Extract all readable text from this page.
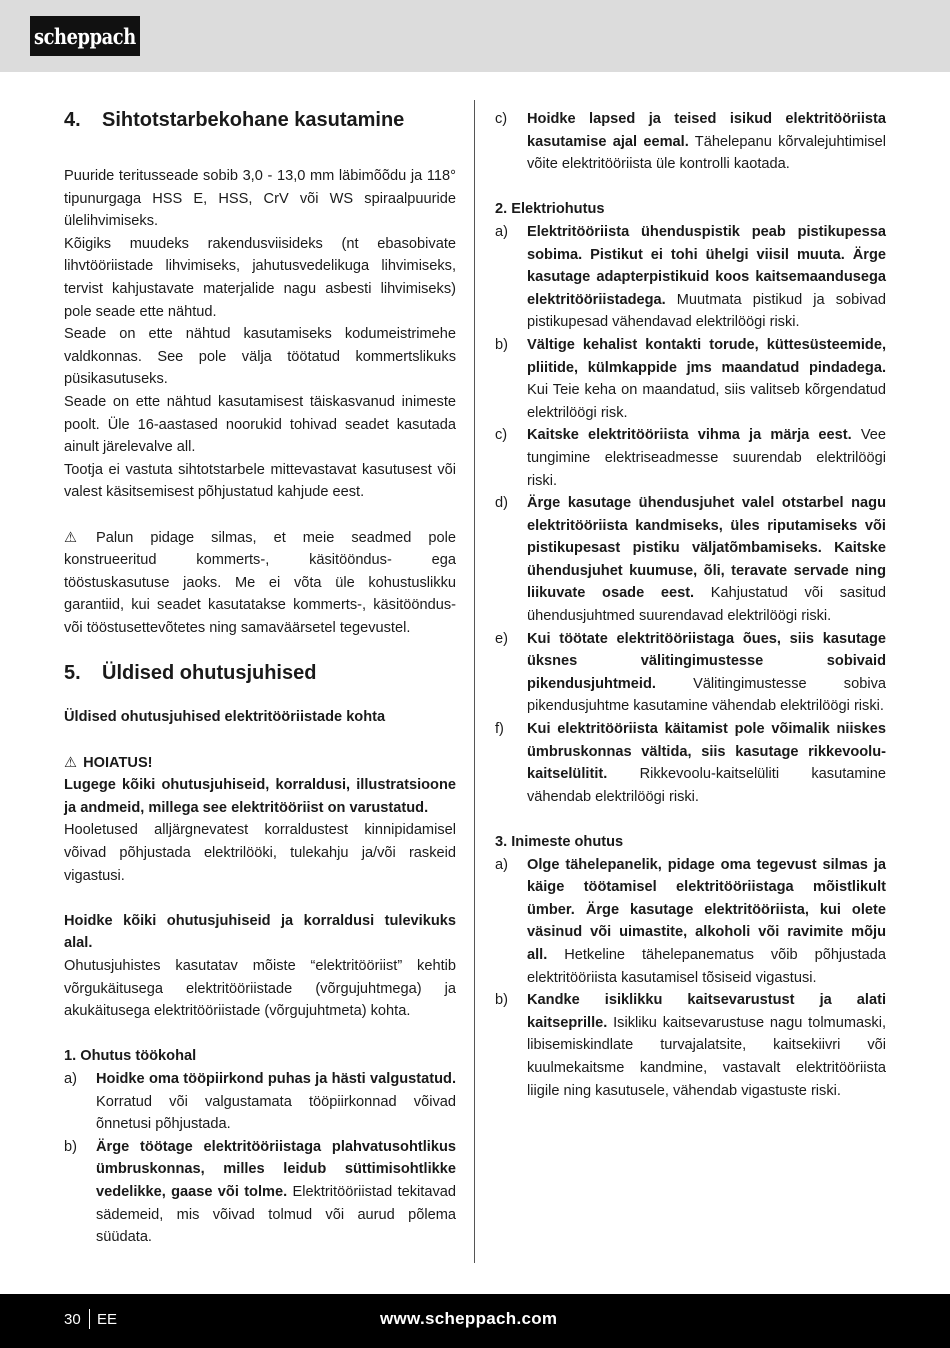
scheppach
4.	Sihtotstarbekohane kasutamine

Puuride teritusseade sobib 3,0 - 13,0 mm läbimõõdu ja 118° tipunurgaga HSS E, HSS, CrV või WS spiraalpuuride ülelihvimiseks.

Kõigiks muudeks rakendusviisideks (nt ebasobivate lihvtööriistade lihvimiseks, jahutusvedelikuga lihvimiseks, tervist kahjustavate materjalide nagu asbesti lihvimiseks) pole seade ette nähtud.

Seade on ette nähtud kasutamiseks kodumeistrimehe valdkonnas. See pole välja töötatud kommertslikuks püsikasutuseks.

Seade on ette nähtud kasutamisest täiskasvanud inimeste poolt. Üle 16-aastased noorukid tohivad seadet kasutada ainult järelevalve all.

Tootja ei vastuta sihtotstarbele mittevastavat kasutusest või valest käsitsemisest põhjustatud kahjude eest.

⚠ Palun pidage silmas, et meie seadmed pole konstrueeritud kommerts-, käsitööndus- ega tööstuskasutuse jaoks. Me ei võta üle kohustuslikku garantiid, kui seadet kasutatakse kommerts-, käsitööndus- või tööstusettevõtetes ning samaväärsetel tegevustel.

5.	Üldised ohutusjuhised

Üldised ohutusjuhised elektritööriistade kohta

⚠ HOIATUS!

Lugege kõiki ohutusjuhiseid, korraldusi, illustratsioone ja andmeid, millega see elektritööriist on varustatud.

Hooletused alljärgnevatest korraldustest kinnipidamisel võivad põhjustada elektrilööki, tulekahju ja/või raskeid vigastusi.

Hoidke kõiki ohutusjuhiseid ja korraldusi tulevikuks alal.

Ohutusjuhistes kasutatav mõiste “elektritööriist” kehtib võrgukäitusega elektritööriistade (võrgujuhtmega) ja akukäitusega elektritööriistade (võrgujuhtmeta) kohta.

1. Ohutus töökohal

a)	Hoidke oma tööpiirkond puhas ja hästi valgustatud. Korratud või valgustamata tööpiirkonnad võivad õnnetusi põhjustada.
b)	Ärge töötage elektritööriistaga plahvatusohtlikus ümbruskonnas, milles leidub süttimisohtlikke vedelikke, gaase või tolme. Elektritööriistad tekitavad sädemeid, mis võivad tolmud või aurud põlema süüdata.
c)	Hoidke lapsed ja teised isikud elektritööriista kasutamise ajal eemal. Tähelepanu kõrvalejuhtimisel võite elektritööriista üle kontrolli kaotada.

2. Elektriohutus

a)	Elektritööriista ühenduspistik peab pistikupessa sobima. Pistikut ei tohi ühelgi viisil muuta. Ärge kasutage adapterpistikuid koos kaitsemaandusega elektritööriistadega. Muutmata pistikud ja sobivad pistikupesad vähendavad elektrilöögi riski.
b)	Vältige kehalist kontakti torude, küttesüsteemide, pliitide, külmkappide jms maandatud pindadega. Kui Teie keha on maandatud, siis valitseb kõrgendatud elektrilöögi risk.
c)	Kaitske elektritööriista vihma ja märja eest. Vee tungimine elektriseadmesse suurendab elektrilöögi riski.
d)	Ärge kasutage ühendusjuhet valel otstarbel nagu elektritööriista kandmiseks, üles riputamiseks või pistikupesast pistiku väljatõmbamiseks. Kaitske ühendusjuhet kuumuse, õli, teravate servade ning liikuvate osade eest. Kahjustatud või sasitud ühendusjuhtmed suurendavad elektrilöögi riski.
e)	Kui töötate elektritööriistaga õues, siis kasutage üksnes välitingimustesse sobivaid pikendusjuhtmeid. Välitingimustesse sobiva pikendusjuhtme kasutamine vähendab elektrilöögi riski.
f)	Kui elektritööriista käitamist pole võimalik niiskes ümbruskonnas vältida, siis kasutage rikkevoolu-kaitselülitit. Rikkevoolu-kaitselüliti kasutamine vähendab elektrilöögi riski.

3. Inimeste ohutus

a)	Olge tähelepanelik, pidage oma tegevust silmas ja käige töötamisel elektritööriistaga mõistlikult ümber. Ärge kasutage elektritööriista, kui olete väsinud või uimastite, alkoholi või ravimite mõju all. Hetkeline tähelepanematus võib põhjustada elektritööriista kasutamisel tõsiseid vigastusi.
b)	Kandke isiklikku kaitsevarustust ja alati kaitseprille. Isikliku kaitsevarustuse nagu tolmumaski, libisemiskindlate turvajalatsite, kaitsekiivri või kuulmekaitsme kandmine, vastavalt elektritööriista liigile ning kasutusele, vähendab vigastuste riski.
30 EE	www.scheppach.com
